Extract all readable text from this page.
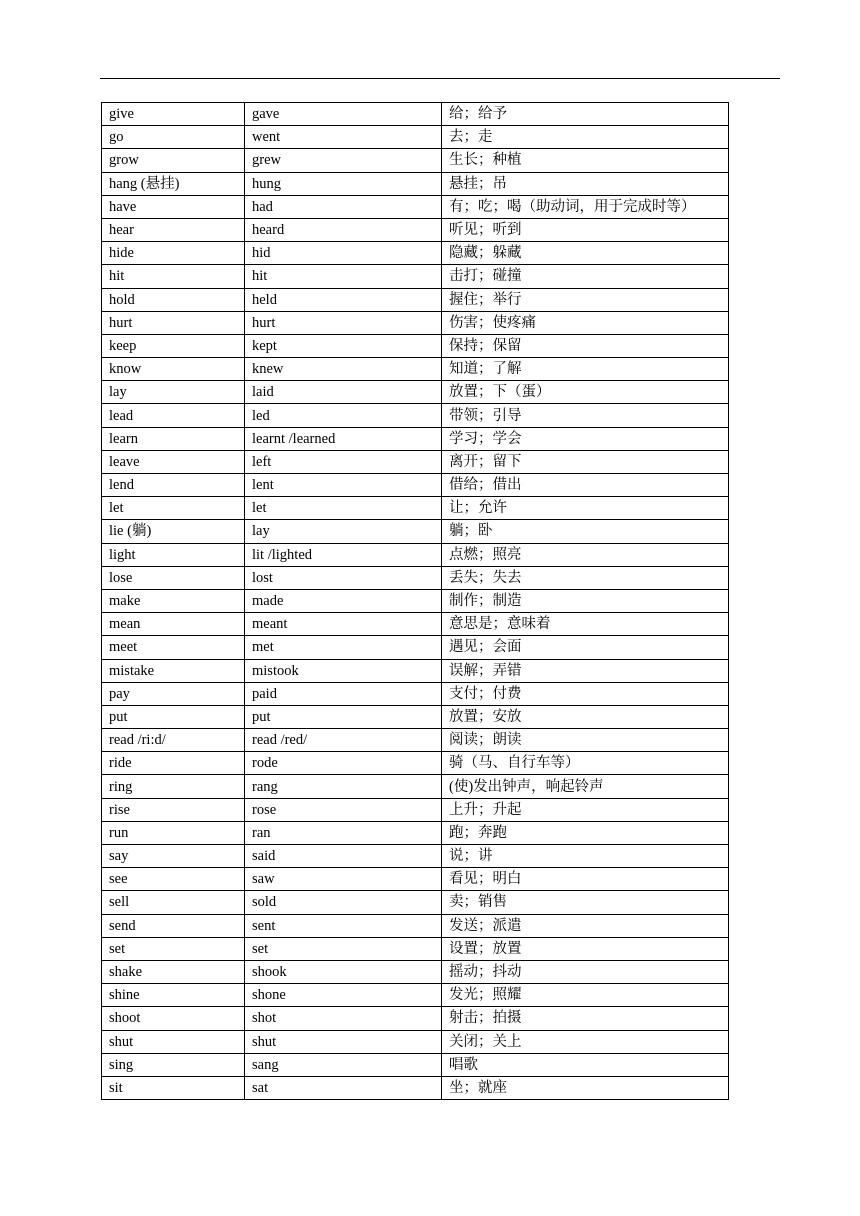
give	gave	给；给予
go	went	去；走
grow	grew	生长；种植
hang (悬挂)	hung	悬挂；吊
have	had	有；吃；喝（助动词，用于完成时等）
hear	heard	听见；听到
hide	hid	隐藏；躲藏
hit	hit	击打；碰撞
hold	held	握住；举行
hurt	hurt	伤害；使疼痛
keep	kept	保持；保留
know	knew	知道；了解
lay	laid	放置；下（蛋）
lead	led	带领；引导
learn	learnt /learned	学习；学会
leave	left	离开；留下
lend	lent	借给；借出
let	let	让；允许
lie (躺)	lay	躺；卧
light	lit /lighted	点燃；照亮
lose	lost	丢失；失去
make	made	制作；制造
mean	meant	意思是；意味着
meet	met	遇见；会面
mistake	mistook	误解；弄错
pay	paid	支付；付费
put	put	放置；安放
read /ri:d/	read /red/	阅读；朗读
ride	rode	骑（马、自行车等）
ring	rang	(使)发出钟声，响起铃声
rise	rose	上升；升起
run	ran	跑；奔跑
say	said	说；讲
see	saw	看见；明白
sell	sold	卖；销售
send	sent	发送；派遣
set	set	设置；放置
shake	shook	摇动；抖动
shine	shone	发光；照耀
shoot	shot	射击；拍摄
shut	shut	关闭；关上
sing	sang	唱歌
sit	sat	坐；就座
